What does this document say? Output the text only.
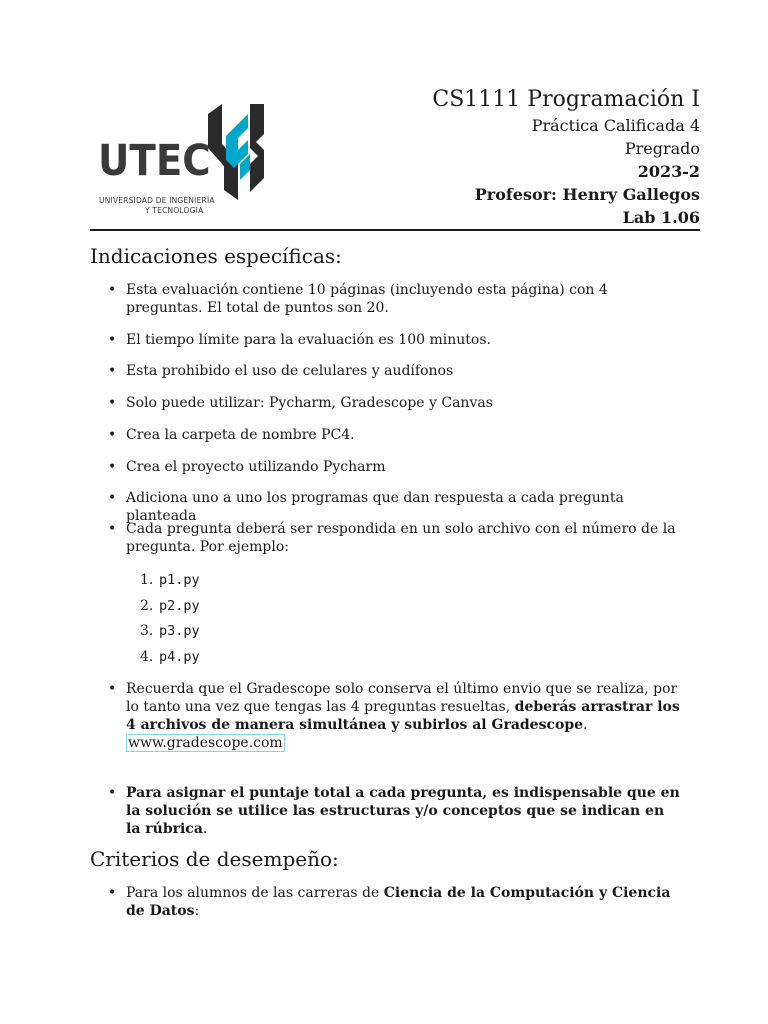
UTEC
UNIVERSIDAD DE INGENIERÍA
Y TECNOLOGÍA
CS1111 Programación I
Práctica Calificada 4
Pregrado
2023-2
Profesor: Henry Gallegos
Lab 1.06
Indicaciones específicas:
• Esta evaluación contiene 10 páginas (incluyendo esta página) con 4 preguntas. El total de puntos son 20.
• El tiempo límite para la evaluación es 100 minutos.
• Esta prohibido el uso de celulares y audífonos
• Solo puede utilizar: Pycharm, Gradescope y Canvas
• Crea la carpeta de nombre PC4.
• Crea el proyecto utilizando Pycharm
• Adiciona uno a uno los programas que dan respuesta a cada pregunta planteada
• Cada pregunta deberá ser respondida en un solo archivo con el número de la pregunta. Por ejemplo:
1. p1.py
2. p2.py
3. p3.py
4. p4.py
• Recuerda que el Gradescope solo conserva el último envio que se realiza, por lo tanto una vez que tengas las 4 preguntas resueltas, deberás arrastrar los 4 archivos de manera simultánea y subirlos al Gradescope.
www.gradescope.com
• Para asignar el puntaje total a cada pregunta, es indispensable que en la solución se utilice las estructuras y/o conceptos que se indican en la rúbrica.
Criterios de desempeño:
• Para los alumnos de las carreras de Ciencia de la Computación y Ciencia de Datos:
